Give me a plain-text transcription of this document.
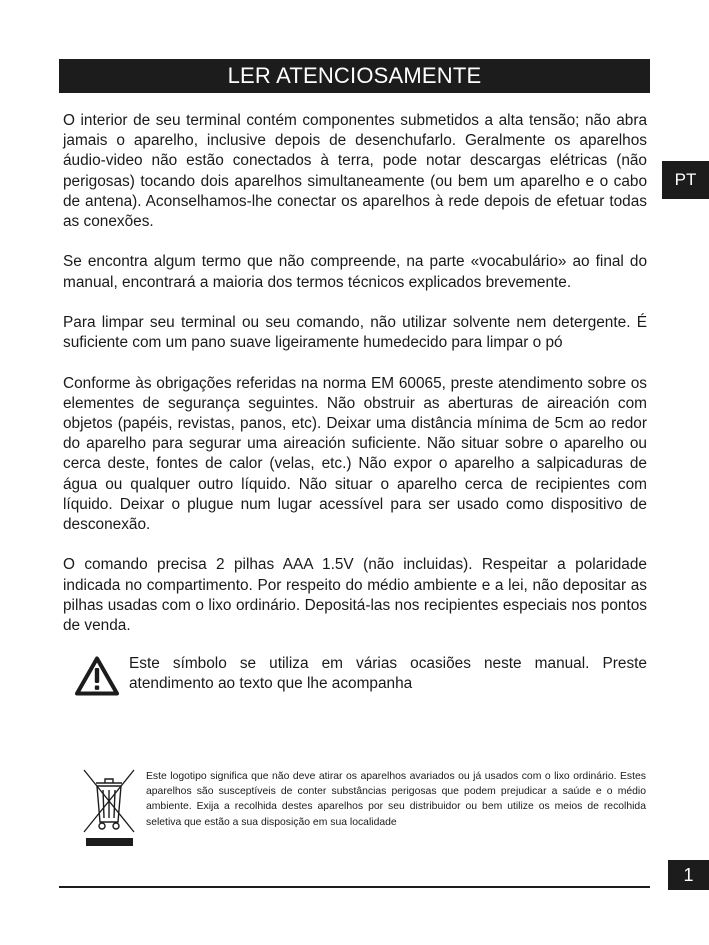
LER ATENCIOSAMENTE
PT

O interior de seu terminal contém componentes submetidos a alta tensão; não abra jamais o aparelho, inclusive depois de desenchufarlo. Geralmente os aparelhos áudio-video não estão conectados à terra, pode notar descargas elétricas (não perigosas) tocando dois aparelhos simultaneamente (ou bem um aparelho e o cabo de antena). Aconselhamos-lhe conectar os aparelhos à rede depois de efetuar todas as conexões.

Se encontra algum termo que não compreende, na parte «vocabulário» ao final do manual, encontrará a maioria dos termos técnicos explicados brevemente.

Para limpar seu terminal ou seu comando, não utilizar solvente nem detergente. É suficiente com um pano suave ligeiramente humedecido para limpar o pó

Conforme às obrigações referidas na norma EM 60065, preste atendimento sobre os elementes de segurança seguintes. Não obstruir as aberturas de aireación com objetos (papéis, revistas, panos, etc). Deixar uma distância mínima de 5cm ao redor do aparelho para segurar uma aireación suficiente. Não situar sobre o aparelho ou cerca deste, fontes de calor (velas, etc.) Não expor o aparelho a salpicaduras de água ou qualquer outro líquido. Não situar o aparelho cerca de recipientes com líquido. Deixar o plugue num lugar acessível para ser usado como dispositivo de desconexão.

O comando precisa 2 pilhas AAA 1.5V (não incluidas). Respeitar a polaridade indicada no compartimento. Por respeito do médio ambiente e a lei, não depositar as pilhas usadas com o lixo ordinário. Depositá-las nos recipientes especiais nos pontos de venda.

Este símbolo se utiliza em várias ocasiões neste manual. Preste atendimento ao texto que lhe acompanha
Este logotipo significa que não deve atirar os aparelhos avariados ou já usados com o lixo ordinário. Estes aparelhos são susceptíveis de conter substâncias perigosas que podem prejudicar a saúde e o médio ambiente. Exija a recolhida destes aparelhos por seu distribuidor ou bem utilize os meios de recolhida seletiva que estão a sua disposição em sua localidade
1
